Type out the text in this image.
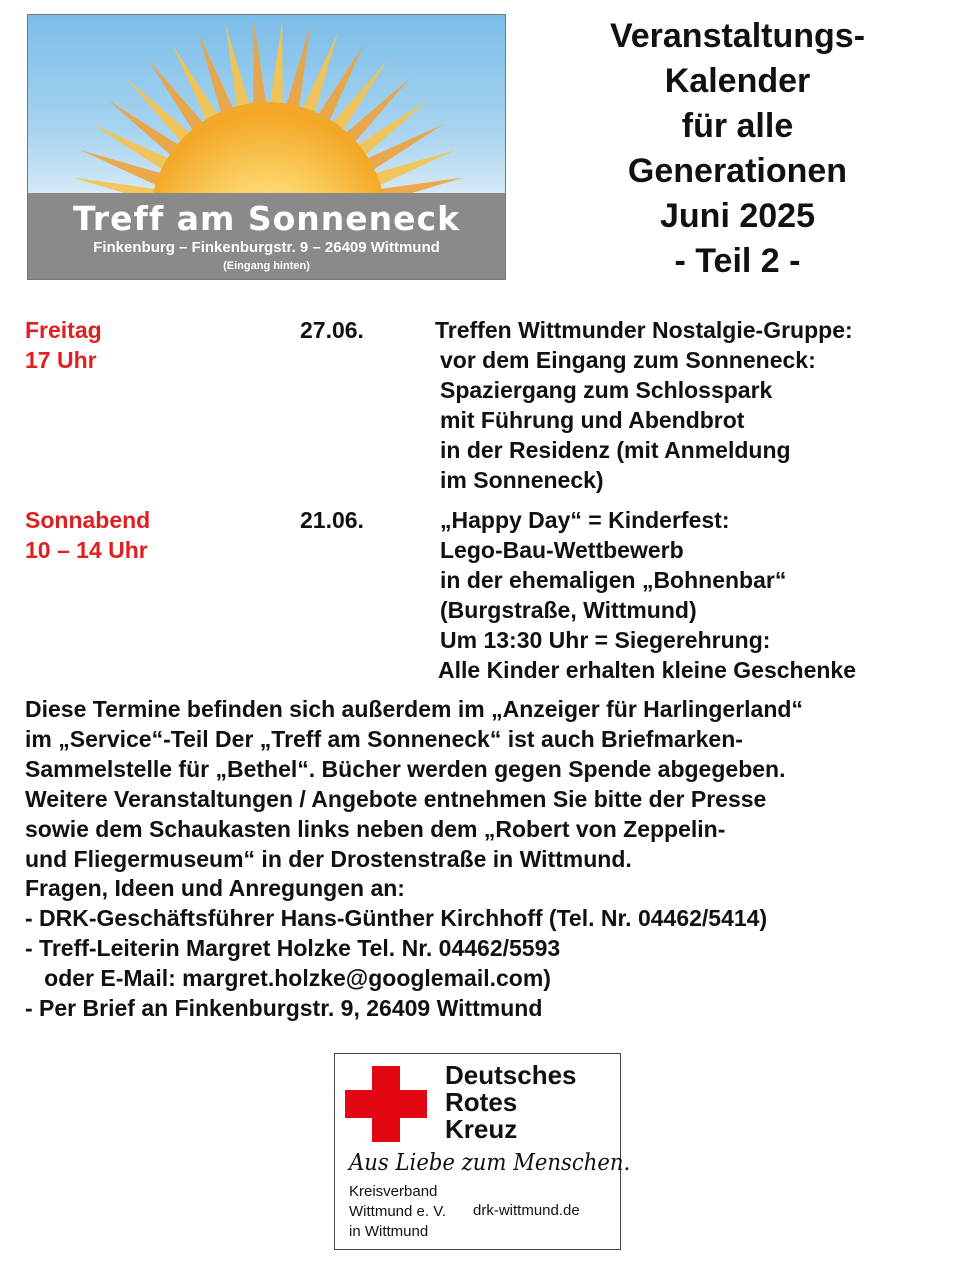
Treff am Sonneneck
Finkenburg – Finkenburgstr. 9 – 26409 Wittmund
(Eingang hinten)
Veranstaltungs-
Kalender
für alle
Generationen
Juni 2025
- Teil 2 -
Freitag
17 Uhr
27.06.	Treffen Wittmunder Nostalgie-Gruppe:
vor dem Eingang zum Sonneneck:
Spaziergang zum Schlosspark
mit Führung und Abendbrot
in der Residenz (mit Anmeldung
im Sonneneck)
Sonnabend
10 – 14 Uhr
21.06.	„Happy Day“ = Kinderfest:
Lego-Bau-Wettbewerb
in der ehemaligen „Bohnenbar“
(Burgstraße, Wittmund)
Um 13:30 Uhr = Siegerehrung:
Alle Kinder erhalten kleine Geschenke
Diese Termine befinden sich außerdem im „Anzeiger für Harlingerland“
im „Service“-Teil Der „Treff am Sonneneck“ ist auch Briefmarken-
Sammelstelle für „Bethel“. Bücher werden gegen Spende abgegeben.
Weitere Veranstaltungen / Angebote entnehmen Sie bitte der Presse
sowie dem Schaukasten links neben dem „Robert von Zeppelin-
und Fliegermuseum“ in der Drostenstraße in Wittmund.
Fragen, Ideen und Anregungen an:
- DRK-Geschäftsführer Hans-Günther Kirchhoff (Tel. Nr. 04462/5414)
- Treff-Leiterin Margret Holzke Tel. Nr. 04462/5593
oder E-Mail: margret.holzke@googlemail.com)
- Per Brief an Finkenburgstr. 9, 26409 Wittmund
Deutsches
Rotes
Kreuz
Aus Liebe zum Menschen.
Kreisverband
Wittmund e. V.
in Wittmund
drk-wittmund.de
